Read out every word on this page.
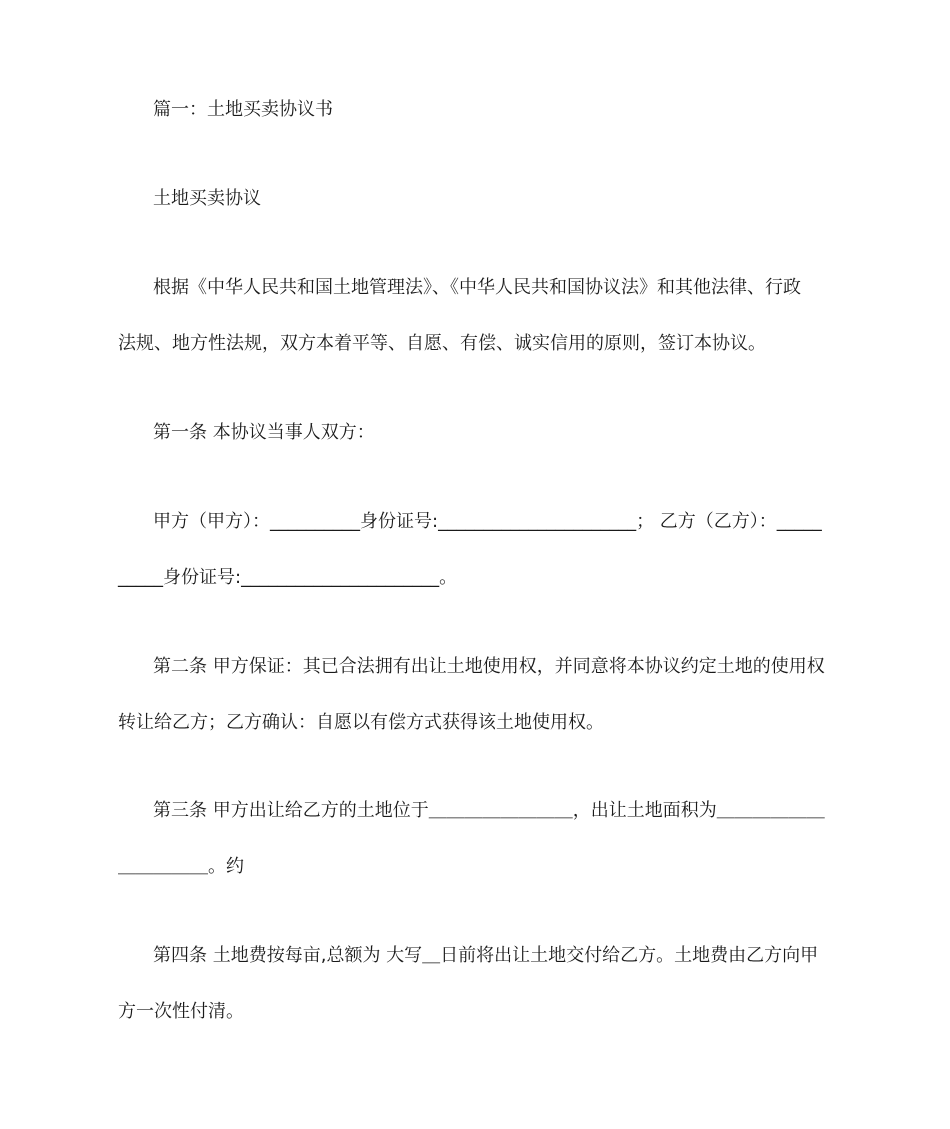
篇一：土地买卖协议书
土地买卖协议
根据《中华人民共和国土地管理法》、《中华人民共和国协议法》和其他法律、行政
法规、地方性法规，双方本着平等、自愿、有偿、诚实信用的原则，签订本协议。
第一条 本协议当事人双方：
甲方（甲方）：__________身份证号:______________________； 乙方（乙方）：_____
_____身份证号:______________________。
第二条 甲方保证：其已合法拥有出让土地使用权，并同意将本协议约定土地的使用权
转让给乙方；乙方确认：自愿以有偿方式获得该土地使用权。
第三条 甲方出让给乙方的土地位于＿＿＿＿＿＿＿＿，出让土地面积为＿＿＿＿＿＿
＿＿＿＿＿。约
第四条 土地费按每亩,总额为 大写＿日前将出让土地交付给乙方。土地费由乙方向甲
方一次性付清。
